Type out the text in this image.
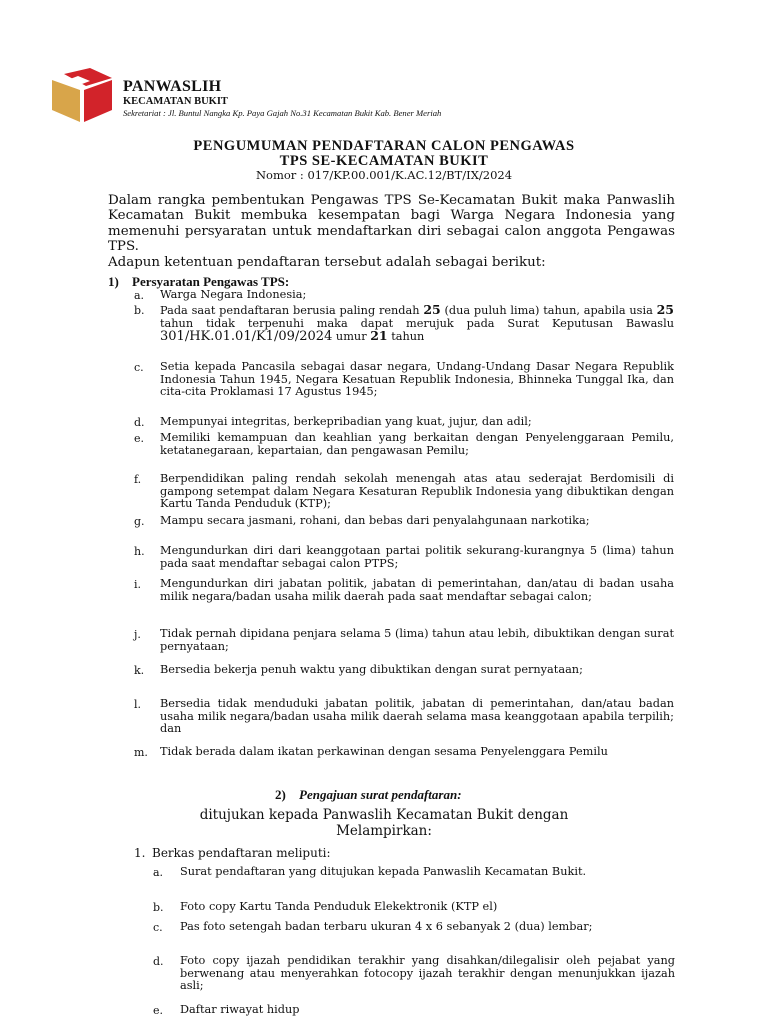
PANWASLIH
KECAMATAN BUKIT
Sekretariat : Jl. Buntul Nangka Kp. Paya Gajah No.31 Kecamatan Bukit Kab. Bener Meriah
PENGUMUMAN PENDAFTARAN CALON PENGAWAS
TPS SE-KECAMATAN BUKIT
Nomor : 017/KP.00.001/K.AC.12/BT/IX/2024

Dalam rangka pembentukan Pengawas TPS Se-Kecamatan Bukit maka Panwaslih Kecamatan Bukit membuka kesempatan bagi Warga Negara Indonesia yang memenuhi persyaratan untuk mendaftarkan diri sebagai calon anggota Pengawas TPS.

Adapun ketentuan pendaftaran tersebut adalah sebagai berikut:

1) Persyaratan Pengawas TPS:
a. Warga Negara Indonesia;
b. Pada saat pendaftaran berusia paling rendah 25 (dua puluh lima) tahun, apabila usia 25 tahun tidak terpenuhi maka dapat merujuk pada Surat Keputusan Bawaslu 301/HK.01.01/K1/09/2024 umur 21 tahun
c. Setia kepada Pancasila sebagai dasar negara, Undang-Undang Dasar Negara Republik Indonesia Tahun 1945, Negara Kesatuan Republik Indonesia, Bhinneka Tunggal Ika, dan cita-cita Proklamasi 17 Agustus 1945;
d. Mempunyai integritas, berkepribadian yang kuat, jujur, dan adil;
e. Memiliki kemampuan dan keahlian yang berkaitan dengan Penyelenggaraan Pemilu, ketatanegaraan, kepartaian, dan pengawasan Pemilu;
f. Berpendidikan paling rendah sekolah menengah atas atau sederajat Berdomisili di gampong setempat dalam Negara Kesaturan Republik Indonesia yang dibuktikan dengan Kartu Tanda Penduduk (KTP);
g. Mampu secara jasmani, rohani, dan bebas dari penyalahgunaan narkotika;
h. Mengundurkan diri dari keanggotaan partai politik sekurang-kurangnya 5 (lima) tahun pada saat mendaftar sebagai calon PTPS;
i. Mengundurkan diri jabatan politik, jabatan di pemerintahan, dan/atau di badan usaha milik negara/badan usaha milik daerah pada saat mendaftar sebagai calon;
j. Tidak pernah dipidana penjara selama 5 (lima) tahun atau lebih, dibuktikan dengan surat pernyataan;
k. Bersedia bekerja penuh waktu yang dibuktikan dengan surat pernyataan;
l. Bersedia tidak menduduki jabatan politik, jabatan di pemerintahan, dan/atau badan usaha milik negara/badan usaha milik daerah selama masa keanggotaan apabila terpilih; dan
m. Tidak berada dalam ikatan perkawinan dengan sesama Penyelenggara Pemilu
2) Pengajuan surat pendaftaran:
ditujukan kepada Panwaslih Kecamatan Bukit dengan
Melampirkan:
1. Berkas pendaftaran meliputi:
a. Surat pendaftaran yang ditujukan kepada Panwaslih Kecamatan Bukit.
b. Foto copy Kartu Tanda Penduduk Elekektronik (KTP el)
c. Pas foto setengah badan terbaru ukuran 4 x 6 sebanyak 2 (dua) lembar;
d. Foto copy ijazah pendidikan terakhir yang disahkan/dilegalisir oleh pejabat yang berwenang atau menyerahkan fotocopy ijazah terakhir dengan menunjukkan ijazah asli;
e. Daftar riwayat hidup
